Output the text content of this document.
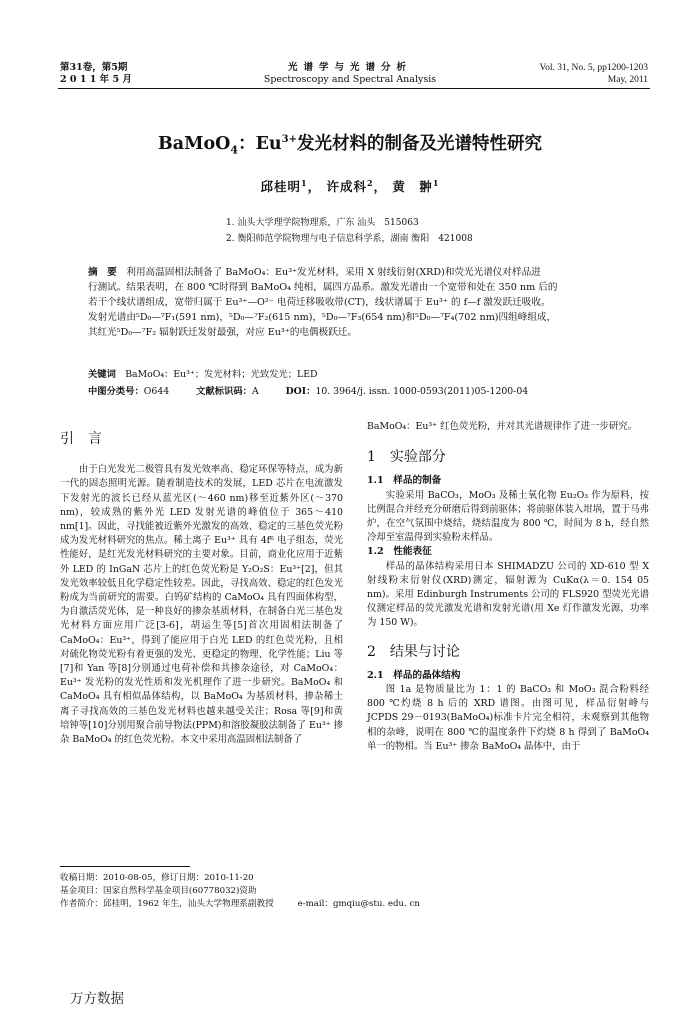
第31卷，第5期
2 0 1 1 年 5 月
光谱学与光谱分析
Spectroscopy and Spectral Analysis
Vol. 31, No. 5, pp1200-1203
May, 2011
BaMoO$_4$：$Eu^{3+}$发光材料的制备及光谱特性研究
邱桂明$^1$， 许成科$^2$， 黄　翀$^1$
1. 汕头大学理学院物理系，广东 汕头　515063
2. 衡阳师范学院物理与电子信息科学系，湖南 衡阳　421008
摘　要　 利用高温固相法制备了 BaMoO₄：Eu³⁺发光材料，采用 X 射线衍射(XRD)和荧光光谱仪对样品进
行测试。结果表明，在 800 ℃时得到 BaMoO₄ 纯相，属四方晶系。激发光谱由一个宽带和处在 350 nm 后的
若干个线状谱组成，宽带归属于 Eu³⁺—O²⁻ 电荷迁移吸收带(CT)，线状谱属于 Eu³⁺ 的 f—f 激发跃迁吸收。
发射光谱由⁵D₀—⁷F₁(591 nm)，⁵D₀—⁷F₂(615 nm)，⁵D₀—⁷F₃(654 nm)和⁵D₀—⁷F₄(702 nm)四组峰组成，
其红光⁵D₀—⁷F₂ 辐射跃迁发射最强，对应 Eu³⁺的电偶极跃迁。
关键词　 BaMoO₄：Eu³⁺；发光材料；光致发光；LED
中图分类号：O644	文献标识码：A	DOI：10. 3964/j. issn. 1000-0593(2011)05-1200-04
引　言

由于白光发光二极管具有发光效率高、稳定环保等特点，成为新一代的固态照明光源。随着制造技术的发展，LED 芯片在电流激发下发射光的波长已经从蓝光区(～460 nm)移至近紫外区(～370 nm)，较成熟的紫外光 LED 发射光谱的峰值位于 365～410 nm[1]。因此，寻找能被近紫外光激发的高效、稳定的三基色荧光粉成为发光材料研究的焦点。稀土离子 Eu³⁺ 具有 4f⁶ 电子组态，荧光性能好，是红光发光材料研究的主要对象。目前，商业化应用于近紫外 LED 的 InGaN 芯片上的红色荧光粉是 Y₂O₂S：Eu³⁺[2]，但其发光效率较低且化学稳定性较差。因此，寻找高效、稳定的红色发光粉成为当前研究的需要。白钨矿结构的 CaMoO₄ 具有四面体构型，为自激活荧光体，是一种良好的掺杂基质材料，在制备白光三基色发光材料方面应用广泛[3-6]，胡运生等[5]首次用固相法制备了 CaMoO₄：Eu³⁺，得到了能应用于白光 LED 的红色荧光粉，且相对硫化物荧光粉有着更强的发光、更稳定的物理、化学性能；Liu 等[7]和 Yan 等[8]分别通过电荷补偿和共掺杂途径，对 CaMoO₄：Eu³⁺ 发光粉的发光性质和发光机理作了进一步研究。BaMoO₄ 和 CaMoO₄ 具有相似晶体结构，以 BaMoO₄ 为基质材料，掺杂稀土离子寻找高效的三基色发光材料也越来越受关注；Rosa 等[9]和黄培钟等[10]分别用聚合前导物法(PPM)和溶胶凝胶法制备了 Eu³⁺ 掺杂 BaMoO₄ 的红色荧光粉。本文中采用高温固相法制备了

BaMoO₄：Eu³⁺ 红色荧光粉，并对其光谱规律作了进一步研究。

1　实验部分
1.1　样品的制备

实验采用 BaCO₃，MoO₃ 及稀土氧化物 Eu₂O₃ 作为原料，按比例混合并经充分研磨后得到前驱体；将前驱体装入坩埚，置于马弗炉，在空气氛围中烧结，烧结温度为 800 ℃，时间为 8 h，经自然冷却至室温得到实验粉末样品。

1.2　性能表征

样品的晶体结构采用日本 SHIMADZU 公司的 XD-610 型 X 射线粉末衍射仪(XRD)测定，辐射源为 CuKα(λ＝0. 154 05 nm)。采用 Edinburgh Instruments 公司的 FLS920 型荧光光谱仪测定样品的荧光激发光谱和发射光谱(用 Xe 灯作激发光源，功率为 150 W)。

2　结果与讨论
2.1　样品的晶体结构

图 1a 是物质量比为 1：1 的 BaCO₃ 和 MoO₃ 混合粉料经 800 ℃灼烧 8 h 后的 XRD 谱图。由图可见，样品衍射峰与 JCPDS 29－0193(BaMoO₄)标准卡片完全相符，未观察到其他物相的杂峰，说明在 800 ℃的温度条件下灼烧 8 h 得到了 BaMoO₄ 单一的物相。当 Eu³⁺ 掺杂 BaMoO₄ 晶体中，由于

收稿日期：2010-08-05，修订日期：2010-11-20
基金项目：国家自然科学基金项目(60778032)资助
作者简介：邱桂明，1962 年生，汕头大学物理系副教授	e-mail：gmqiu@stu. edu. cn
万方数据
